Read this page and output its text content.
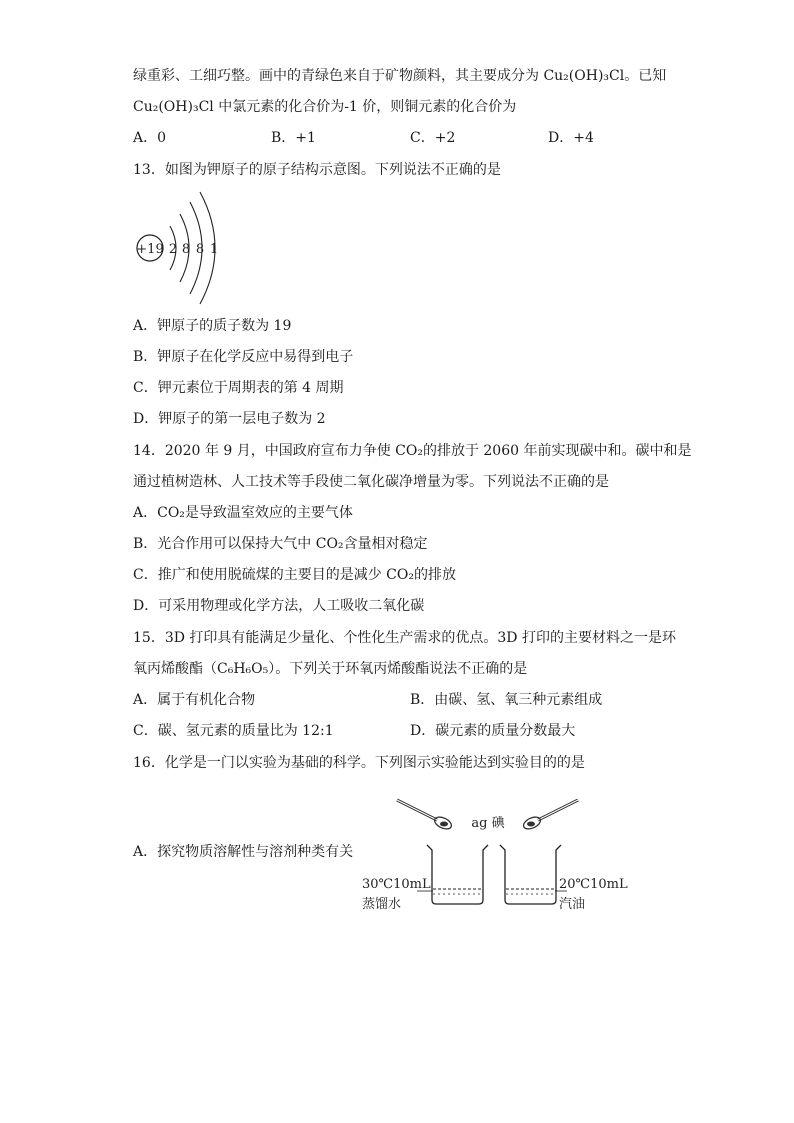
绿重彩、工细巧整。画中的青绿色来自于矿物颜料，其主要成分为 Cu₂(OH)₃Cl。已知
Cu₂(OH)₃Cl 中氯元素的化合价为-1 价，则铜元素的化合价为
A．0	B．+1	C．+2	D．+4
13．如图为钾原子的原子结构示意图。下列说法不正确的是
+19 2 8 8 1
A．钾原子的质子数为 19
B．钾原子在化学反应中易得到电子
C．钾元素位于周期表的第 4 周期
D．钾原子的第一层电子数为 2
14．2020 年 9 月，中国政府宣布力争使 CO₂的排放于 2060 年前实现碳中和。碳中和是
通过植树造林、人工技术等手段使二氧化碳净增量为零。下列说法不正确的是
A．CO₂是导致温室效应的主要气体
B．光合作用可以保持大气中 CO₂含量相对稳定
C．推广和使用脱硫煤的主要目的是减少 CO₂的排放
D．可采用物理或化学方法，人工吸收二氧化碳
15．3D 打印具有能满足少量化、个性化生产需求的优点。3D 打印的主要材料之一是环
氧丙烯酸酯（C₆H₆O₅）。下列关于环氧丙烯酸酯说法不正确的是
A．属于有机化合物	B．由碳、氢、氧三种元素组成
C．碳、氢元素的质量比为 12:1	D．碳元素的质量分数最大
16．化学是一门以实验为基础的科学。下列图示实验能达到实验目的的是
A．探究物质溶解性与溶剂种类有关
ag 碘
30℃10mL
蒸馏水
20℃10mL
汽油
